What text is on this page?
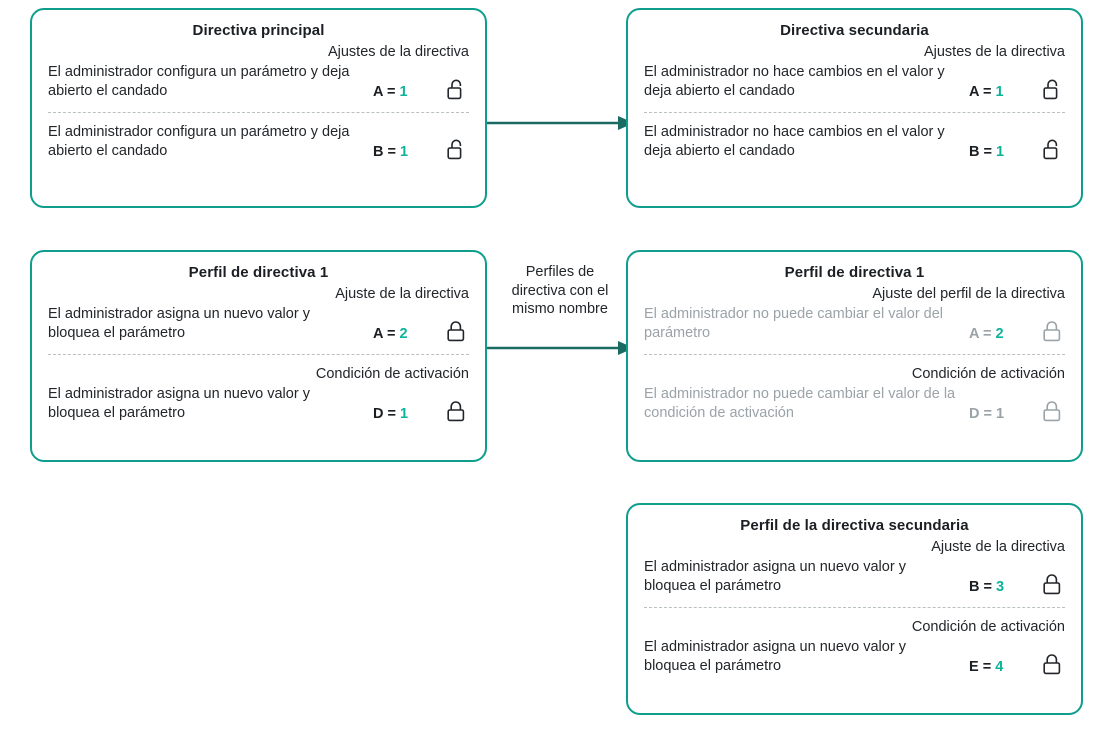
Perfiles de directiva con el mismo nombre
Directiva principal
Ajustes de la directiva
El administrador configura un parámetro y deja abierto el candado	A = 1
El administrador configura un parámetro y deja abierto el candado	B = 1
Directiva secundaria
Ajustes de la directiva
El administrador no hace cambios en el valor y deja abierto el candado	A = 1
El administrador no hace cambios en el valor y deja abierto el candado	B = 1
Perfil de directiva 1
Ajuste de la directiva
El administrador asigna un nuevo valor y bloquea el parámetro	A = 2
Condición de activación
El administrador asigna un nuevo valor y bloquea el parámetro	D = 1
Perfil de directiva 1
Ajuste del perfil de la directiva
El administrador no puede cambiar el valor del parámetro	A = 2
Condición de activación
El administrador no puede cambiar el valor de la condición de activación	D = 1
Perfil de la directiva secundaria
Ajuste de la directiva
El administrador asigna un nuevo valor y bloquea el parámetro	B = 3
Condición de activación
El administrador asigna un nuevo valor y bloquea el parámetro	E = 4
